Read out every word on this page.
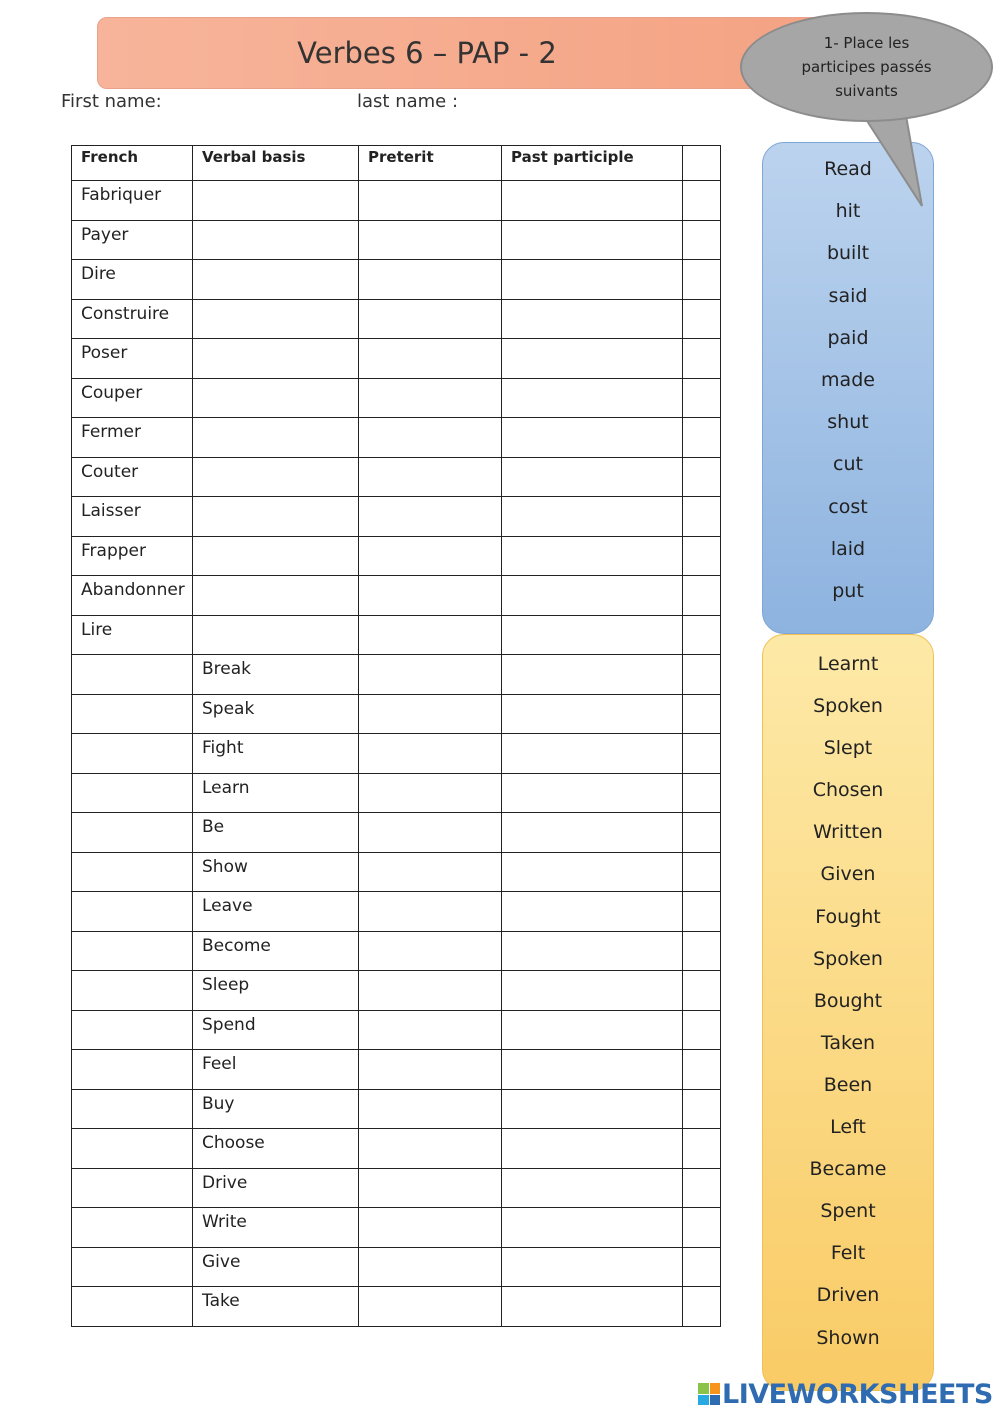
Verbes 6 – PAP - 2	1- Place les participes passés suivants
First name:	last name :
French	Verbal basis	Preterit	Past participle	
Fabriquer				
Payer				
Dire				
Construire				
Poser				
Couper				
Fermer				
Couter				
Laisser				
Frapper				
Abandonner				
Lire				
	Break			
	Speak			
	Fight			
	Learn			
	Be			
	Show			
	Leave			
	Become			
	Sleep			
	Spend			
	Feel			
	Buy			
	Choose			
	Drive			
	Write			
	Give			
	Take			
Read
hit
built
said
paid
made
shut
cut
cost
laid
put
Learnt
Spoken
Slept
Chosen
Written
Given
Fought
Spoken
Bought
Taken
Been
Left
Became
Spent
Felt
Driven
Shown
LIVEWORKSHEETS
